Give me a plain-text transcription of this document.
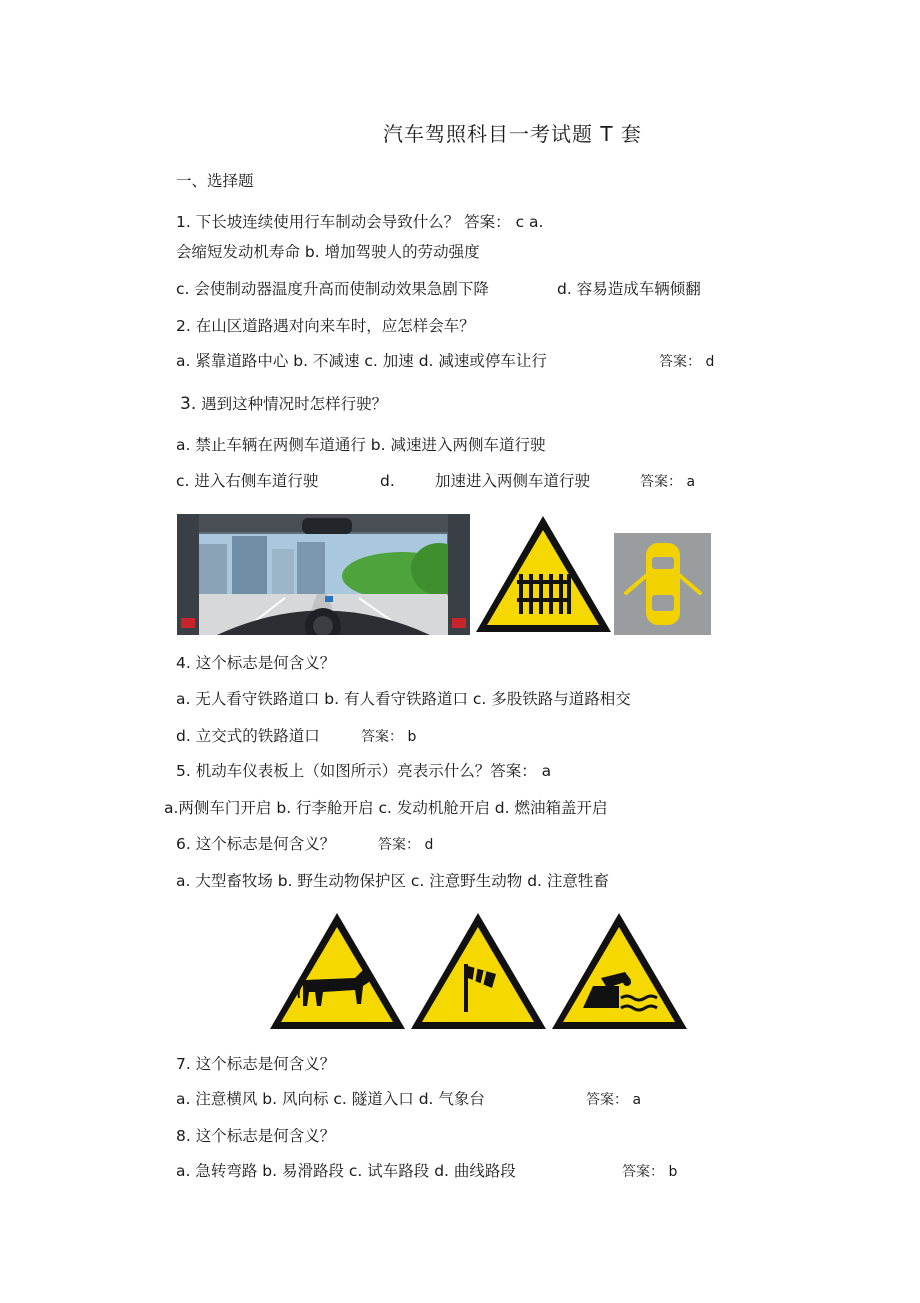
汽车驾照科目一考试题 T 套
一、选择题
1. 下长坡连续使用行车制动会导致什么？ 答案： c a.
会缩短发动机寿命 b. 增加驾驶人的劳动强度
c. 会使制动器温度升高而使制动效果急剧下降	d. 容易造成车辆倾翻
2. 在山区道路遇对向来车时，应怎样会车？
a. 紧靠道路中心 b. 不减速 c. 加速 d. 减速或停车让行	答案： d
3. 遇到这种情况时怎样行驶？
a. 禁止车辆在两侧车道通行 b. 减速进入两侧车道行驶
c. 进入右侧车道行驶	d.	加速进入两侧车道行驶	答案： a
4. 这个标志是何含义？
a. 无人看守铁路道口 b. 有人看守铁路道口 c. 多股铁路与道路相交
d. 立交式的铁路道口	答案： b
5. 机动车仪表板上（如图所示）亮表示什么？答案： a
a.两侧车门开启 b. 行李舱开启 c. 发动机舱开启 d. 燃油箱盖开启
6. 这个标志是何含义？	答案： d
a. 大型畜牧场 b. 野生动物保护区 c. 注意野生动物 d. 注意牲畜
7. 这个标志是何含义？
a. 注意横风 b. 风向标 c. 隧道入口 d. 气象台	答案： a
8. 这个标志是何含义？
a. 急转弯路 b. 易滑路段 c. 试车路段 d. 曲线路段	答案： b
